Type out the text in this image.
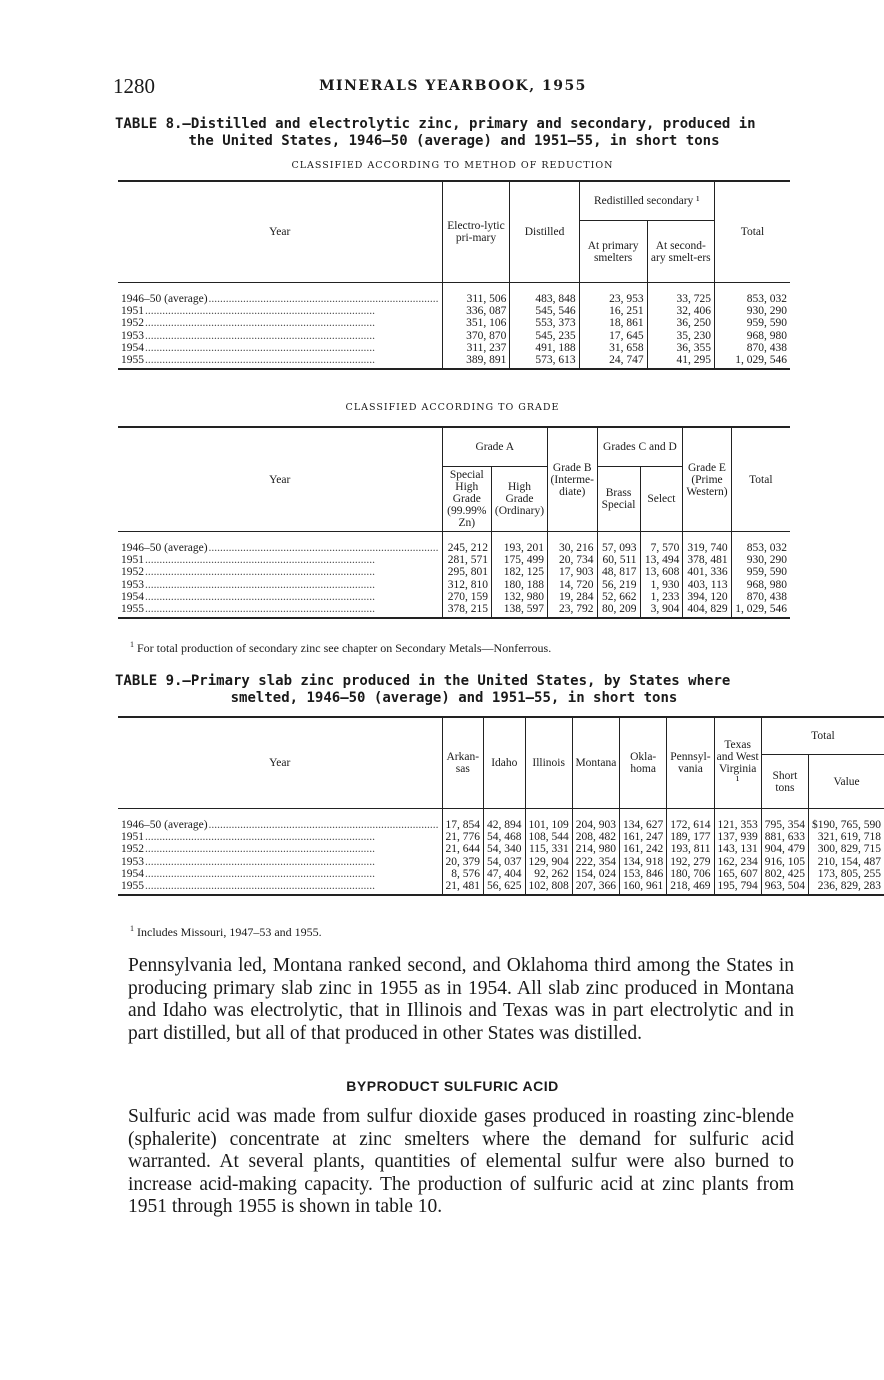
1280	MINERALS YEARBOOK, 1955
TABLE 8.—Distilled and electrolytic zinc, primary and secondary, produced in
the United States, 1946–50 (average) and 1951–55, in short tons
CLASSIFIED ACCORDING TO METHOD OF REDUCTION
Year	Electro-lytic pri-mary	Distilled	Redistilled secondary ¹		Total
			At primary smelters	At second-ary smelt-ers	

1946–50 (average)................................................................................	311, 506	483, 848	23, 953	33, 725	853, 032
1951................................................................................	336, 087	545, 546	16, 251	32, 406	930, 290
1952................................................................................	351, 106	553, 373	18, 861	36, 250	959, 590
1953................................................................................	370, 870	545, 235	17, 645	35, 230	968, 980
1954................................................................................	311, 237	491, 188	31, 658	36, 355	870, 438
1955................................................................................	389, 891	573, 613	24, 747	41, 295	1, 029, 546
CLASSIFIED ACCORDING TO GRADE
Year	Grade A		Grade B (Interme-diate)	Grades C and D		Grade E (Prime Western)	Total
	Special High Grade (99.99% Zn)	High Grade (Ordinary)		Brass Special	Select		

1946–50 (average)................................................................................	245, 212	193, 201	30, 216	57, 093	7, 570	319, 740	853, 032
1951................................................................................	281, 571	175, 499	20, 734	60, 511	13, 494	378, 481	930, 290
1952................................................................................	295, 801	182, 125	17, 903	48, 817	13, 608	401, 336	959, 590
1953................................................................................	312, 810	180, 188	14, 720	56, 219	1, 930	403, 113	968, 980
1954................................................................................	270, 159	132, 980	19, 284	52, 662	1, 233	394, 120	870, 438
1955................................................................................	378, 215	138, 597	23, 792	80, 209	3, 904	404, 829	1, 029, 546
$^1$ For total production of secondary zinc see chapter on Secondary Metals—Nonferrous.
TABLE 9.—Primary slab zinc produced in the United States, by States where
smelted, 1946–50 (average) and 1951–55, in short tons
Year	Arkan-sas	Idaho	Illinois	Montana	Okla-homa	Pennsyl-vania	Texas and West Virginia ¹	Total	
								Short tons	Value

1946–50 (average)................................................................................	17, 854	42, 894	101, 109	204, 903	134, 627	172, 614	121, 353	795, 354	$190, 765, 590
1951................................................................................	21, 776	54, 468	108, 544	208, 482	161, 247	189, 177	137, 939	881, 633	321, 619, 718
1952................................................................................	21, 644	54, 340	115, 331	214, 980	161, 242	193, 811	143, 131	904, 479	300, 829, 715
1953................................................................................	20, 379	54, 037	129, 904	222, 354	134, 918	192, 279	162, 234	916, 105	210, 154, 487
1954................................................................................	8, 576	47, 404	92, 262	154, 024	153, 846	180, 706	165, 607	802, 425	173, 805, 255
1955................................................................................	21, 481	56, 625	102, 808	207, 366	160, 961	218, 469	195, 794	963, 504	236, 829, 283
$^1$ Includes Missouri, 1947–53 and 1955.
Pennsylvania led, Montana ranked second, and Oklahoma third among the States in producing primary slab zinc in 1955 as in 1954. All slab zinc produced in Montana and Idaho was electrolytic, that in Illinois and Texas was in part electrolytic and in part distilled, but all of that produced in other States was distilled.
BYPRODUCT SULFURIC ACID
Sulfuric acid was made from sulfur dioxide gases produced in roasting zinc-blende (sphalerite) concentrate at zinc smelters where the demand for sulfuric acid warranted. At several plants, quantities of elemental sulfur were also burned to increase acid-making capacity. The production of sulfuric acid at zinc plants from 1951 through 1955 is shown in table 10.
